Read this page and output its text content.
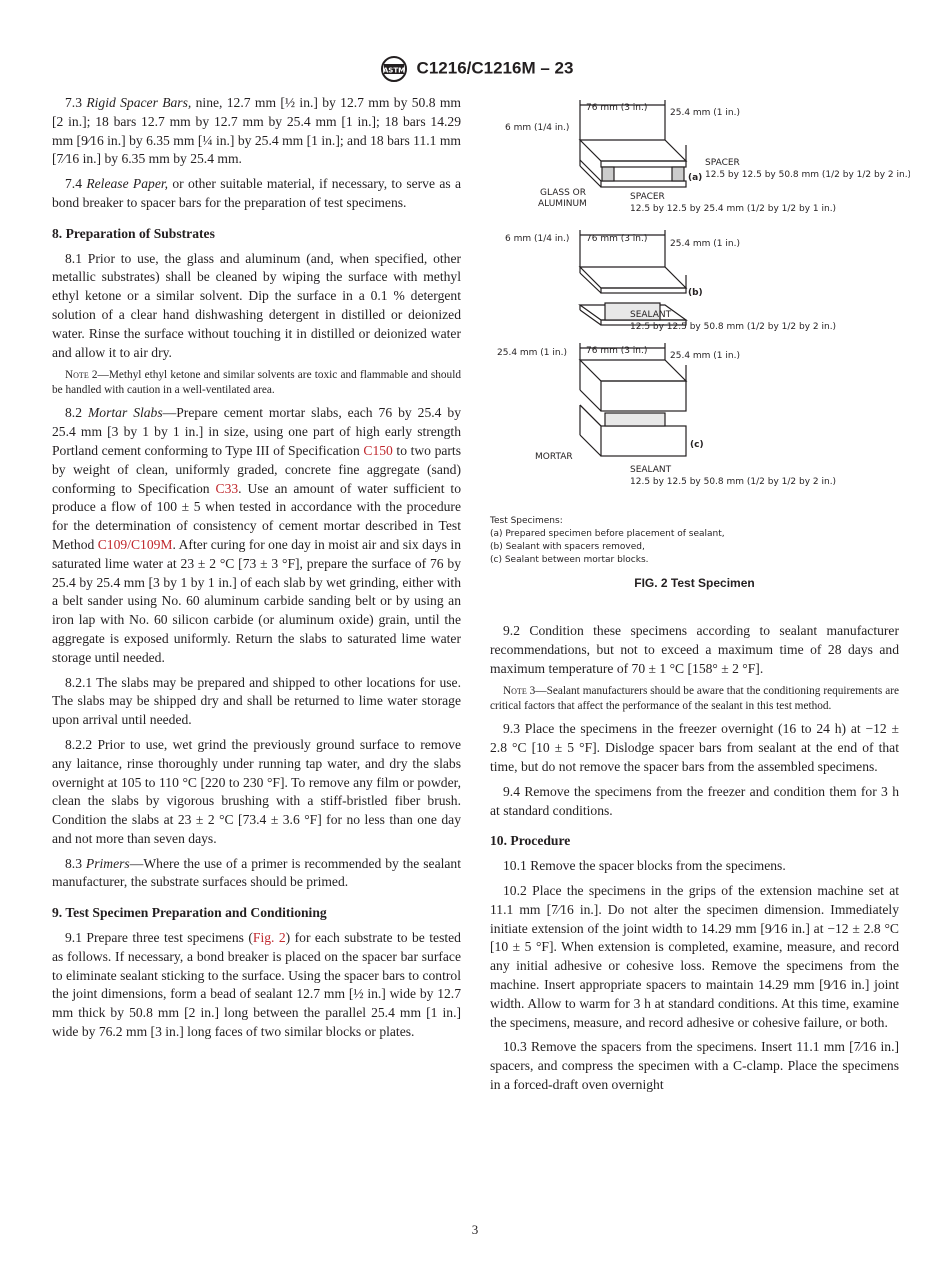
ASTM C1216/C1216M – 23
7.3 Rigid Spacer Bars, nine, 12.7 mm [½ in.] by 12.7 mm by 50.8 mm [2 in.]; 18 bars 12.7 mm by 12.7 mm by 25.4 mm [1 in.]; 18 bars 14.29 mm [9⁄16 in.] by 6.35 mm [¼ in.] by 25.4 mm [1 in.]; and 18 bars 11.1 mm [7⁄16 in.] by 6.35 mm by 25.4 mm.
7.4 Release Paper, or other suitable material, if necessary, to serve as a bond breaker to spacer bars for the preparation of test specimens.
8. Preparation of Substrates
8.1 Prior to use, the glass and aluminum (and, when specified, other metallic substrates) shall be cleaned by wiping the surface with methyl ethyl ketone or a similar solvent. Dip the surface in a 0.1 % detergent solution of a clear hand dishwashing detergent in distilled or deionized water. Rinse the surface without touching it in distilled or deionized water and allow it to air dry.
Note 2—Methyl ethyl ketone and similar solvents are toxic and flammable and should be handled with caution in a well-ventilated area.
8.2 Mortar Slabs—Prepare cement mortar slabs, each 76 by 25.4 by 25.4 mm [3 by 1 by 1 in.] in size, using one part of high early strength Portland cement conforming to Type III of Specification C150 to two parts by weight of clean, uniformly graded, concrete fine aggregate (sand) conforming to Specification C33. Use an amount of water sufficient to produce a flow of 100 ± 5 when tested in accordance with the procedure for the determination of consistency of cement mortar described in Test Method C109/C109M. After curing for one day in moist air and six days in saturated lime water at 23 ± 2 °C [73 ± 3 °F], prepare the surface of 76 by 25.4 by 25.4 mm [3 by 1 by 1 in.] of each slab by wet grinding, either with a belt sander using No. 60 aluminum carbide sanding belt or by using an iron lap with No. 60 silicon carbide (or aluminum oxide) grain, until the aggregate is exposed uniformly. Return the slabs to saturated lime water storage until needed.
8.2.1 The slabs may be prepared and shipped to other locations for use. The slabs may be shipped dry and shall be returned to lime water storage upon arrival until needed.
8.2.2 Prior to use, wet grind the previously ground surface to remove any laitance, rinse thoroughly under running tap water, and dry the slabs overnight at 105 to 110 °C [220 to 230 °F]. To remove any film or powder, clean the slabs by vigorous brushing with a stiff-bristled fiber brush. Condition the slabs at 23 ± 2 °C [73.4 ± 3.6 °F] for no less than one day and not more than seven days.
8.3 Primers—Where the use of a primer is recommended by the sealant manufacturer, the substrate surfaces should be primed.
9. Test Specimen Preparation and Conditioning
9.1 Prepare three test specimens (Fig. 2) for each substrate to be tested as follows. If necessary, a bond breaker is placed on the spacer bar surface to eliminate sealant sticking to the surface. Using the spacer bars to control the joint dimensions, form a bead of sealant 12.7 mm [½ in.] wide by 12.7 mm thick by 50.8 mm [2 in.] long between the parallel 25.4 mm [1 in.] wide by 76.2 mm [3 in.] long faces of two similar blocks or plates.
76 mm (3 in.)	25.4 mm (1 in.)
6 mm (1/4 in.)
SPACER
(a) 12.5 by 12.5 by 50.8 mm (1/2 by 1/2 by 2 in.)
GLASS OR
ALUMINUM
SPACER
12.5 by 12.5 by 25.4 mm (1/2 by 1/2 by 1 in.)
76 mm (3 in.)	25.4 mm (1 in.)
6 mm (1/4 in.)
(b)
SEALANT
12.5 by 12.5 by 50.8 mm (1/2 by 1/2 by 2 in.)
76 mm (3 in.)	25.4 mm (1 in.)
25.4 mm (1 in.)
(c)
MORTAR
SEALANT
12.5 by 12.5 by 50.8 mm (1/2 by 1/2 by 2 in.)
Test Specimens:
(a) Prepared specimen before placement of sealant,
(b) Sealant with spacers removed,
(c) Sealant between mortar blocks.
FIG. 2 Test Specimen
9.2 Condition these specimens according to sealant manufacturer recommendations, but not to exceed a maximum time of 28 days and maximum temperature of 70 ± 1 °C [158° ± 2 °F].
Note 3—Sealant manufacturers should be aware that the conditioning requirements are critical factors that affect the performance of the sealant in this test method.
9.3 Place the specimens in the freezer overnight (16 to 24 h) at −12 ± 2.8 °C [10 ± 5 °F]. Dislodge spacer bars from sealant at the end of that time, but do not remove the spacer bars from the assembled specimens.
9.4 Remove the specimens from the freezer and condition them for 3 h at standard conditions.
10. Procedure
10.1 Remove the spacer blocks from the specimens.
10.2 Place the specimens in the grips of the extension machine set at 11.1 mm [7⁄16 in.]. Do not alter the specimen dimension. Immediately initiate extension of the joint width to 14.29 mm [9⁄16 in.] at −12 ± 2.8 °C [10 ± 5 °F]. When extension is completed, examine, measure, and record any initial adhesive or cohesive loss. Remove the specimens from the machine. Insert appropriate spacers to maintain 14.29 mm [9⁄16 in.] joint width. Allow to warm for 3 h at standard conditions. At this time, examine the specimens, measure, and record adhesive or cohesive failure, or both.
10.3 Remove the spacers from the specimens. Insert 11.1 mm [7⁄16 in.] spacers, and compress the specimen with a C-clamp. Place the specimens in a forced-draft oven overnight
3
